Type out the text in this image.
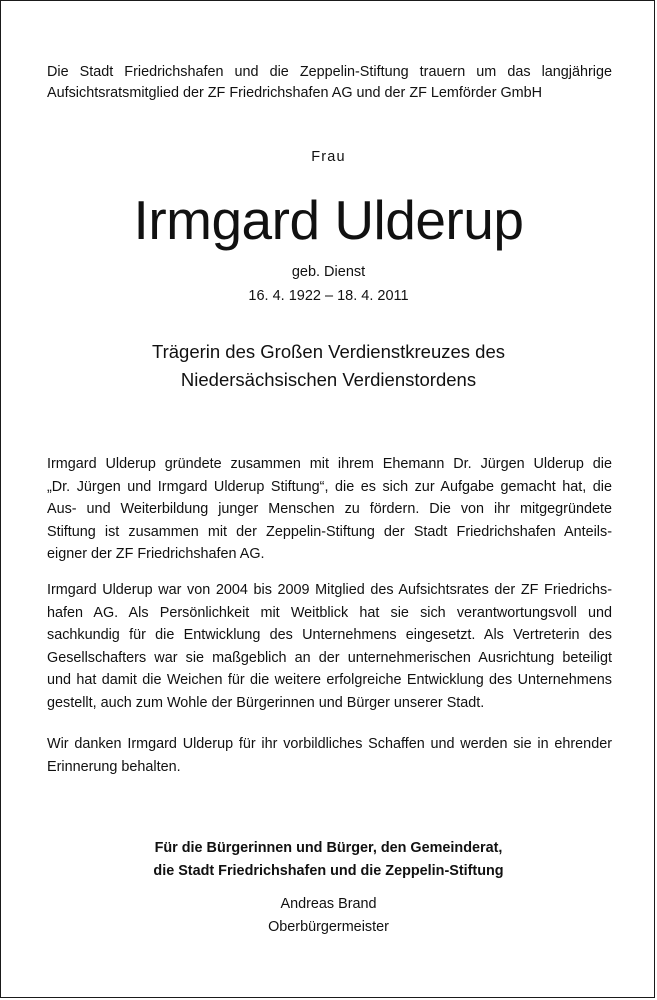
Die Stadt Friedrichshafen und die Zeppelin-Stiftung trauern um das langjährige
Aufsichtsratsmitglied der ZF Friedrichshafen AG und der ZF Lemförder GmbH
Frau
Irmgard Ulderup
geb. Dienst
16. 4. 1922 – 18. 4. 2011
Trägerin des Großen Verdienstkreuzes des
Niedersächsischen Verdienstordens
Irmgard Ulderup gründete zusammen mit ihrem Ehemann Dr. Jürgen Ulderup die
„Dr. Jürgen und Irmgard Ulderup Stiftung“, die es sich zur Aufgabe gemacht hat, die
Aus- und Weiterbildung junger Menschen zu fördern. Die von ihr mitgegründete
Stiftung ist zusammen mit der Zeppelin-Stiftung der Stadt Friedrichshafen Anteils-
eigner der ZF Friedrichshafen AG.
Irmgard Ulderup war von 2004 bis 2009 Mitglied des Aufsichtsrates der ZF Friedrichs-
hafen AG. Als Persönlichkeit mit Weitblick hat sie sich verantwortungsvoll und
sachkundig für die Entwicklung des Unternehmens eingesetzt. Als Vertreterin des
Gesellschafters war sie maßgeblich an der unternehmerischen Ausrichtung beteiligt
und hat damit die Weichen für die weitere erfolgreiche Entwicklung des Unternehmens
gestellt, auch zum Wohle der Bürgerinnen und Bürger unserer Stadt.
Wir danken Irmgard Ulderup für ihr vorbildliches Schaffen und werden sie in ehrender
Erinnerung behalten.
Für die Bürgerinnen und Bürger, den Gemeinderat,
die Stadt Friedrichshafen und die Zeppelin-Stiftung
Andreas Brand
Oberbürgermeister
